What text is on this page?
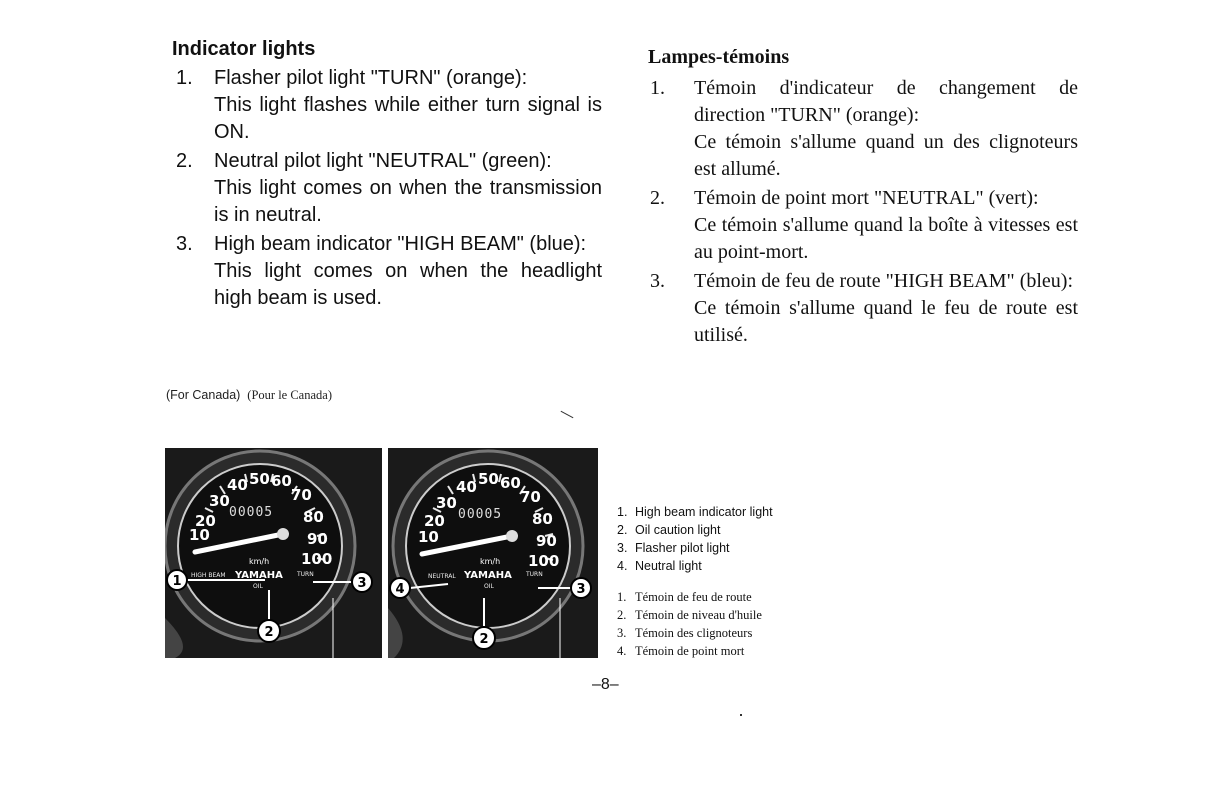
Indicator lights
1.	Flasher pilot light "TURN" (orange):

This light flashes while either turn signal is ON.

2.	Neutral pilot light "NEUTRAL" (green):

This light comes on when the transmission is in neutral.

3.	High beam indicator "HIGH BEAM" (blue):

This light comes on when the headlight high beam is used.

Lampes-témoins
1.	Témoin d'indicateur de changement de direction "TURN" (orange):

Ce témoin s'allume quand un des clignoteurs est allumé.

2.	Témoin de point mort "NEUTRAL" (vert):

Ce témoin s'allume quand la boîte à vitesses est au point-mort.

3.	Témoin de feu de route "HIGH BEAM" (bleu):

Ce témoin s'allume quand le feu de route est utilisé.

(For Canada) (Pour le Canada)
10
20
30
40 50 60
70
80
90
100
00005
km/h
HIGH BEAM YAMAHA TURN
OIL
1	3
2
10
20
30
40 50 60
70
80
90
100
00005
km/h
NEUTRAL YAMAHA TURN
OIL
4	3
2
1. High beam indicator light
2. Oil caution light
3. Flasher pilot light
4. Neutral light
1. Témoin de feu de route
2. Témoin de niveau d'huile
3. Témoin des clignoteurs
4. Témoin de point mort
–8–
